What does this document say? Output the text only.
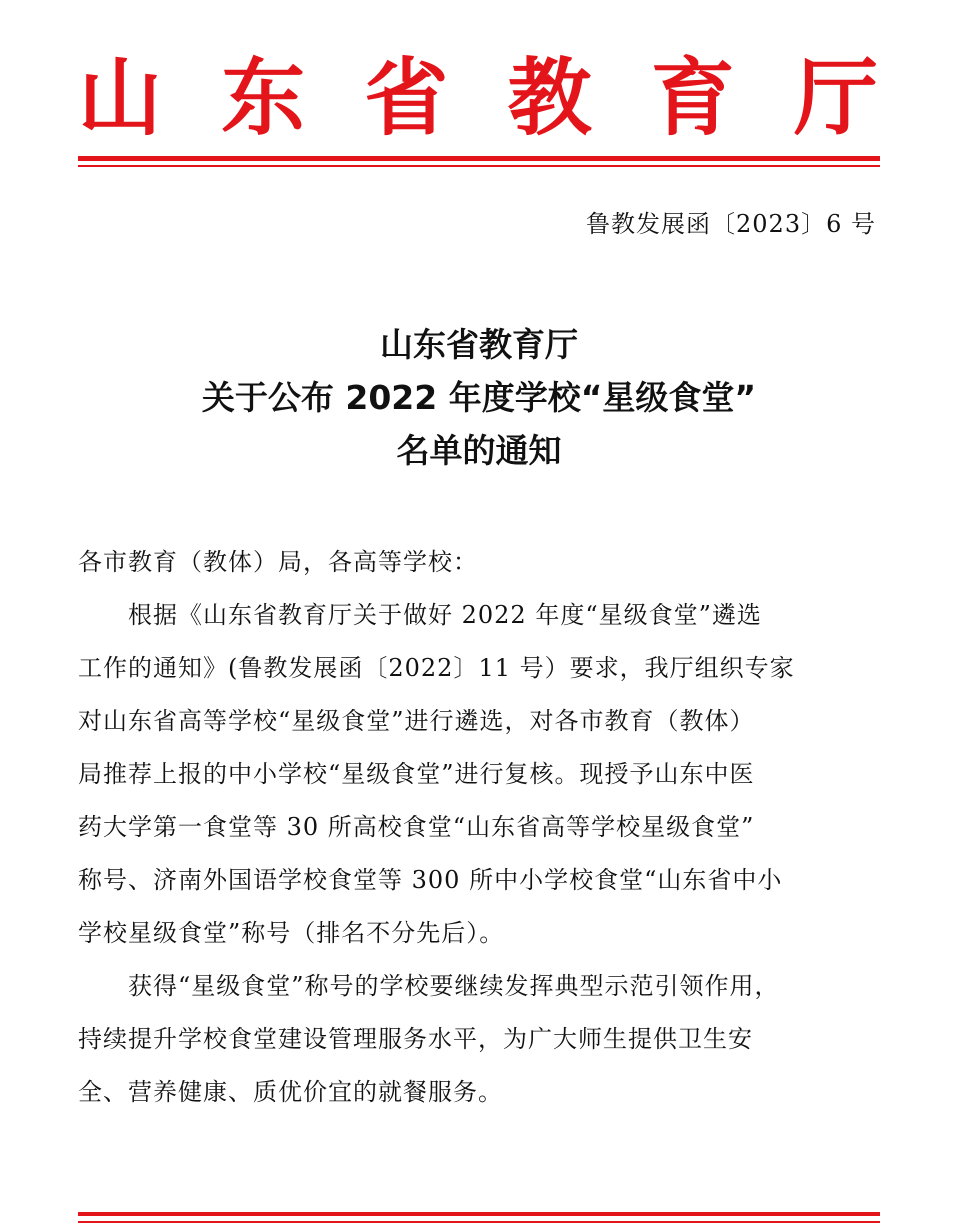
山 东 省 教 育 厅
鲁教发展函〔2023〕6 号
山东省教育厅
关于公布 2022 年度学校“星级食堂”
名单的通知
各市教育（教体）局，各高等学校：
根据《山东省教育厅关于做好 2022 年度“星级食堂”遴选
工作的通知》(鲁教发展函〔2022〕11 号）要求，我厅组织专家
对山东省高等学校“星级食堂”进行遴选，对各市教育（教体）
局推荐上报的中小学校“星级食堂”进行复核。现授予山东中医
药大学第一食堂等 30 所高校食堂“山东省高等学校星级食堂”
称号、济南外国语学校食堂等 300 所中小学校食堂“山东省中小
学校星级食堂”称号（排名不分先后）。
获得“星级食堂”称号的学校要继续发挥典型示范引领作用，
持续提升学校食堂建设管理服务水平，为广大师生提供卫生安
全、营养健康、质优价宜的就餐服务。
